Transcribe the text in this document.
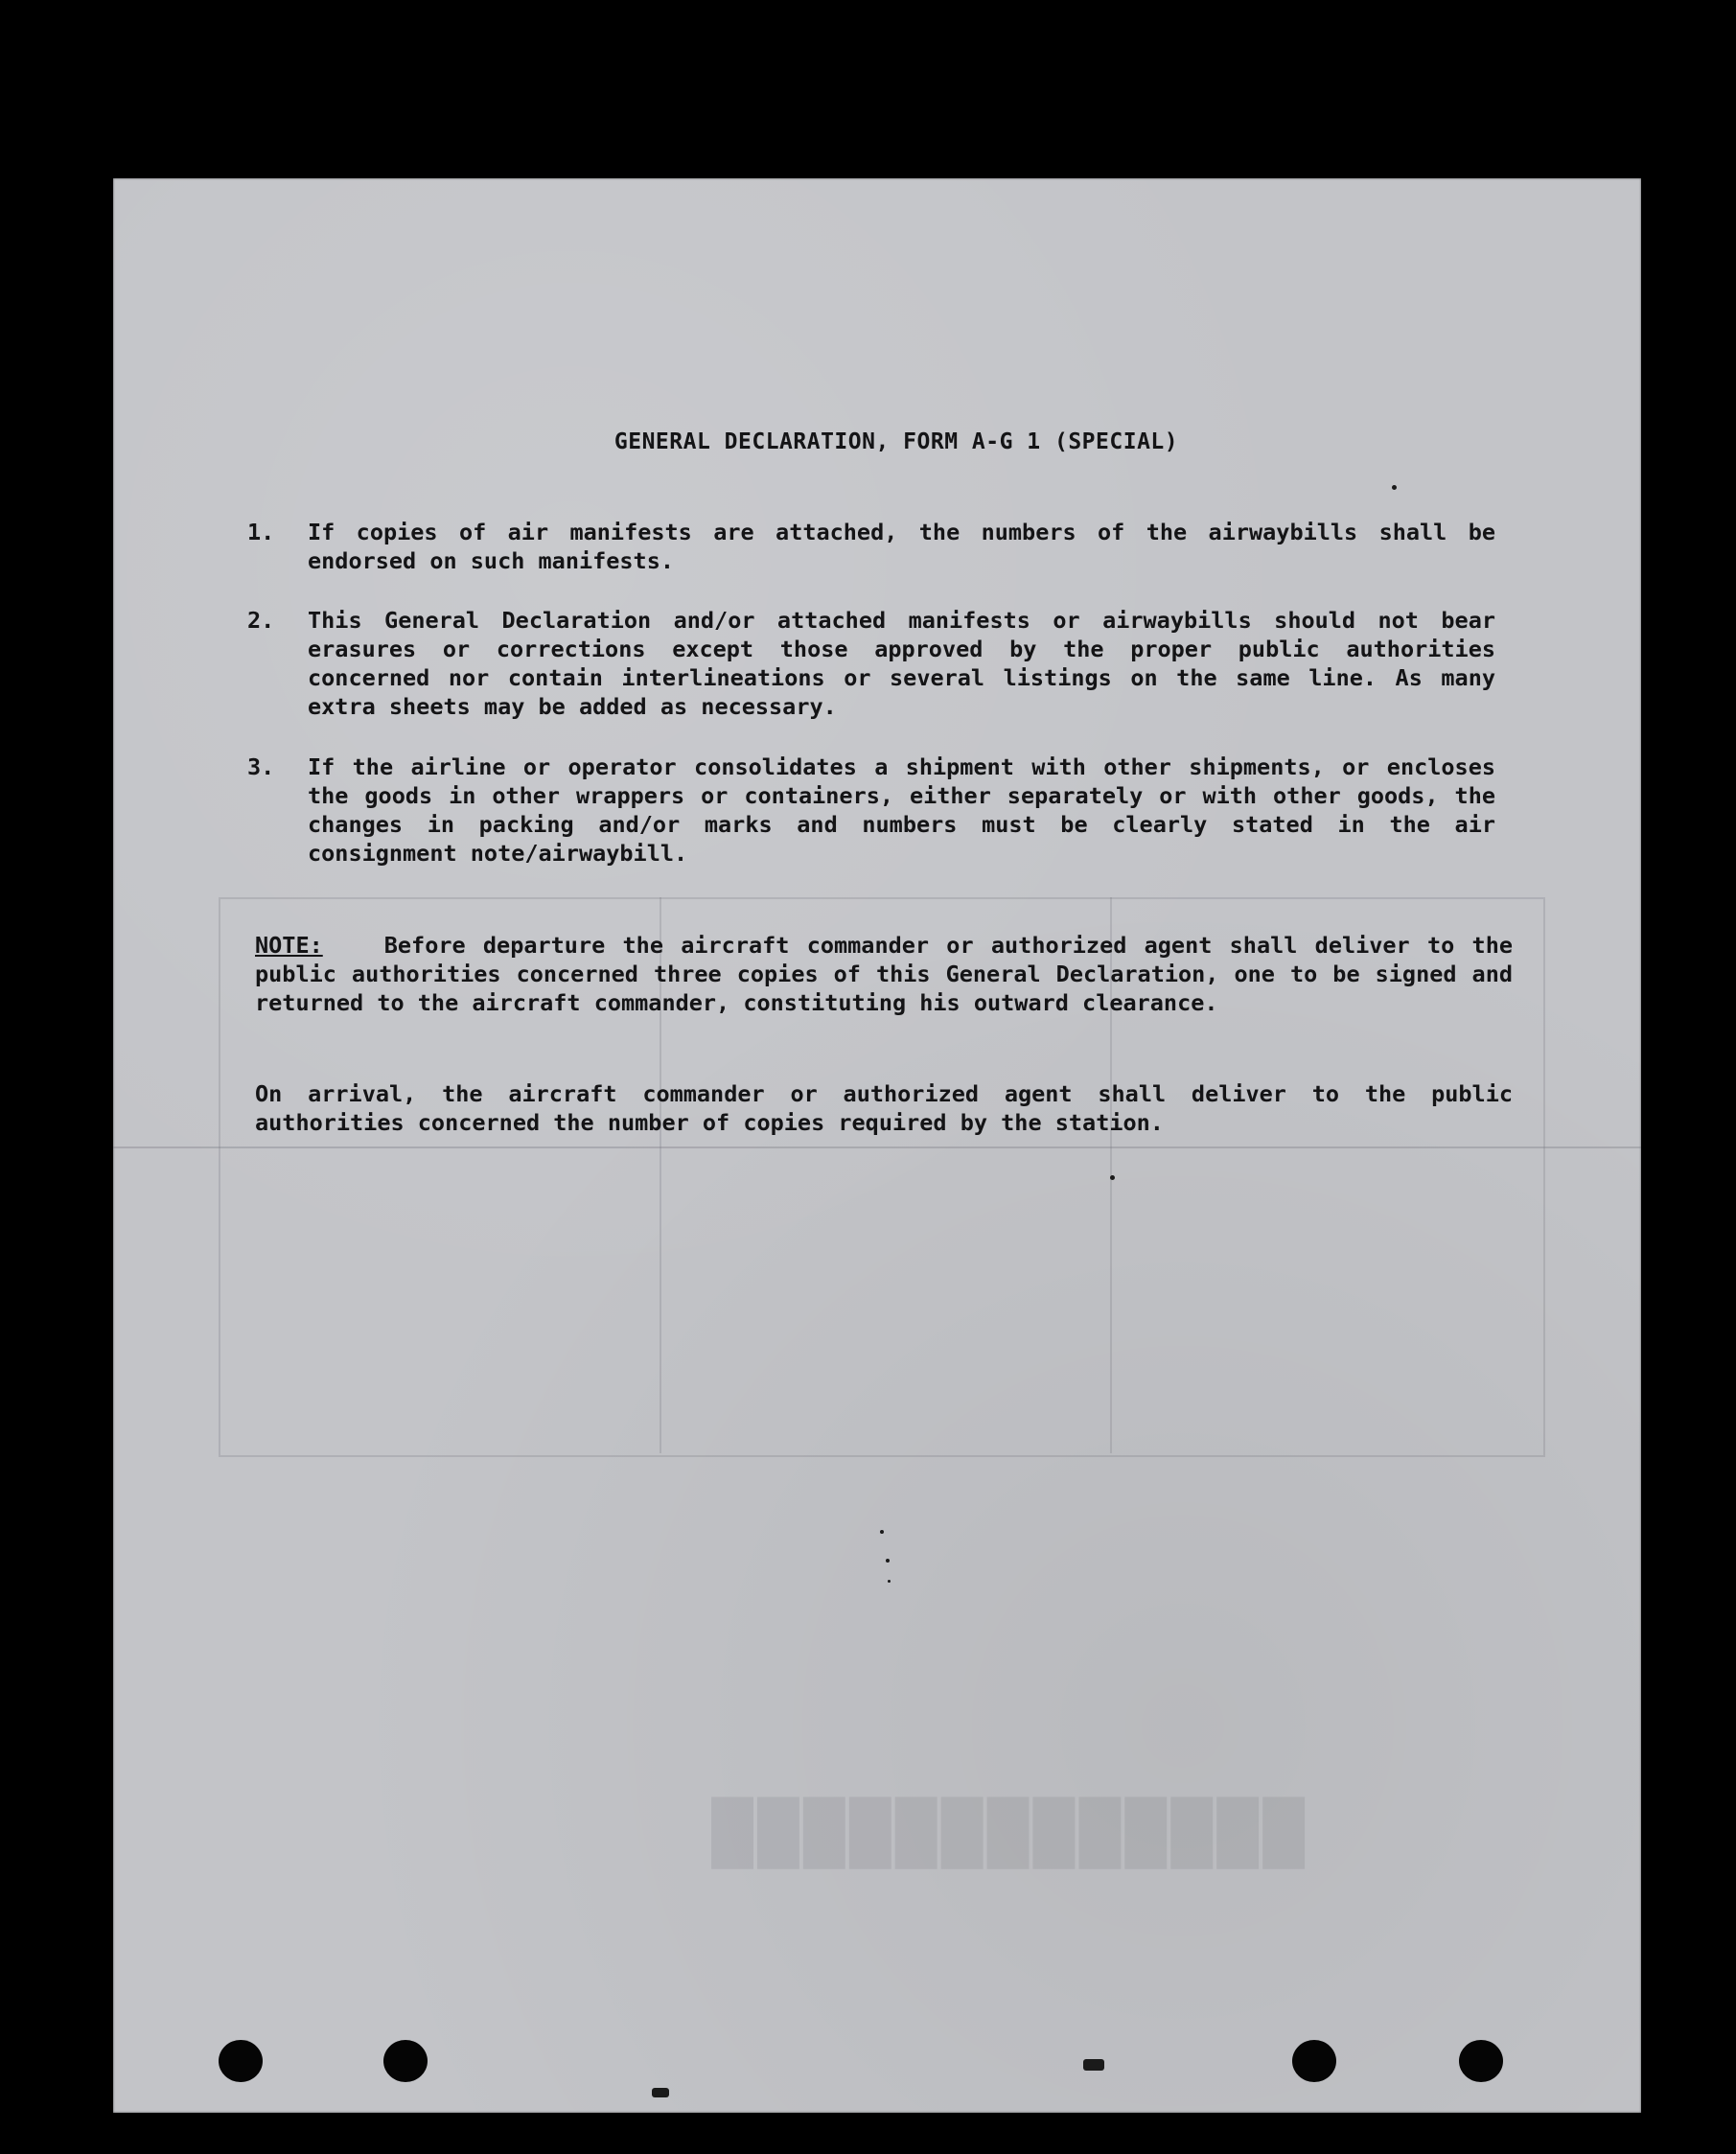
█████████████
GENERAL DECLARATION, FORM A-G 1 (SPECIAL)
1. If copies of air manifests are attached, the numbers of the airwaybills shall be endorsed on such manifests.
2. This General Declaration and/or attached manifests or airwaybills should not bear erasures or corrections except those approved by the proper public authorities concerned nor contain interlineations or several listings on the same line. As many extra sheets may be added as necessary.
3. If the airline or operator consolidates a shipment with other shipments, or encloses the goods in other wrappers or containers, either separately or with other goods, the changes in packing and/or marks and numbers must be clearly stated in the air consignment note/airwaybill.
NOTE:	Before departure the aircraft commander or authorized agent shall deliver to the public authorities concerned three copies of this General Declaration, one to be signed and returned to the aircraft commander, constituting his outward clearance.
On arrival, the aircraft commander or authorized agent shall deliver to the public authorities concerned the number of copies required by the station.
